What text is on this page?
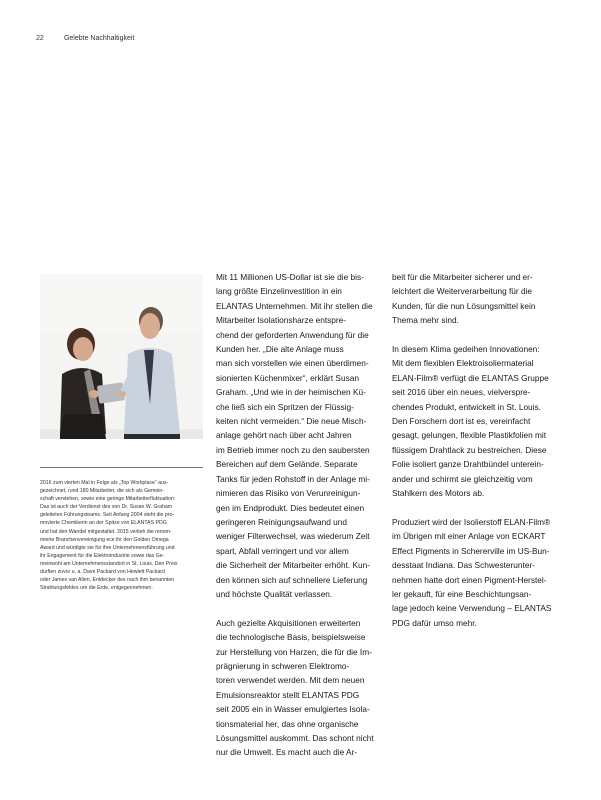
22	Gelebte Nachhaltigkeit

2016 zum vierten Mal in Folge als „Top Workplace“ aus-

gezeichnet, rund 180 Mitarbeiter, die sich als Gemein-

schaft verstehen, sowie eine geringe Mitarbeiterfluktuation:

Das ist auch der Verdienst des von Dr. Susan W. Graham

geleiteten Führungsteams. Seit Anfang 2004 steht die pro-

movierte Chemikerin an der Spitze von ELANTAS PDG

und hat den Wandel mitgestaltet. 2015 verlieh die renom-

mierte Branchenvereinigung ece ihr den Golden Omega

Award und würdigte sie für ihre Unternehmensführung und

ihr Engagement für die Elektroindustrie sowie das Ge-

meinwohl am Unternehmensstandort in St. Louis. Den Preis

durften zuvor u. a. Dave Packard von Hewlett Packard

oder James van Allen, Entdecker des nach ihm benannten

Strahlungsfeldes um die Erde, entgegennehmen.

Mit 11 Millionen US-Dollar ist sie die bis-

lang größte Einzelinvestition in ein

ELANTAS Unternehmen. Mit ihr stellen die

Mitarbeiter Isolationsharze entspre-

chend der geforderten Anwendung für die

Kunden her. „Die alte Anlage muss

man sich vorstellen wie einen überdimen-

sionierten Küchenmixer“, erklärt Susan

Graham. „Und wie in der heimischen Kü-

che ließ sich ein Spritzen der Flüssig-

keiten nicht vermeiden.“ Die neue Misch-

anlage gehört nach über acht Jahren

im Betrieb immer noch zu den saubersten

Bereichen auf dem Gelände. Separate

Tanks für jeden Rohstoff in der Anlage mi-

nimieren das Risiko von Verunreinigun-

gen im Endprodukt. Dies bedeutet einen

geringeren Reinigungsaufwand und

weniger Filterwechsel, was wiederum Zeit

spart, Abfall verringert und vor allem

die Sicherheit der Mitarbeiter erhöht. Kun-

den können sich auf schnellere Lieferung

und höchste Qualität verlassen.

Auch gezielte Akquisitionen erweiterten

die technologische Basis, beispielsweise

zur Herstellung von Harzen, die für die Im-

prägnierung in schweren Elektromo-

toren verwendet werden. Mit dem neuen

Emulsionsreaktor stellt ELANTAS PDG

seit 2005 ein in Wasser emulgiertes Isola-

tionsmaterial her, das ohne organische

Lösungsmittel auskommt. Das schont nicht

nur die Umwelt. Es macht auch die Ar-

beit für die Mitarbeiter sicherer und er-

leichtert die Weiterverarbeitung für die

Kunden, für die nun Lösungsmittel kein

Thema mehr sind.

In diesem Klima gedeihen Innovationen:

Mit dem flexiblen Elektroisoliermaterial

ELAN-Film® verfügt die ELANTAS Gruppe

seit 2016 über ein neues, vielverspre-

chendes Produkt, entwickelt in St. Louis.

Den Forschern dort ist es, vereinfacht

gesagt, gelungen, flexible Plastikfolien mit

flüssigem Drahtlack zu bestreichen. Diese

Folie isoliert ganze Drahtbündel unterein-

ander und schirmt sie gleichzeitig vom

Stahlkern des Motors ab.

Produziert wird der Isolierstoff ELAN-Film®

im Übrigen mit einer Anlage von ECKART

Effect Pigments in Schererville im US-Bun-

desstaat Indiana. Das Schwesterunter-

nehmen hatte dort einen Pigment-Herstel-

ler gekauft, für eine Beschichtungsan-

lage jedoch keine Verwendung – ELANTAS

PDG dafür umso mehr.
